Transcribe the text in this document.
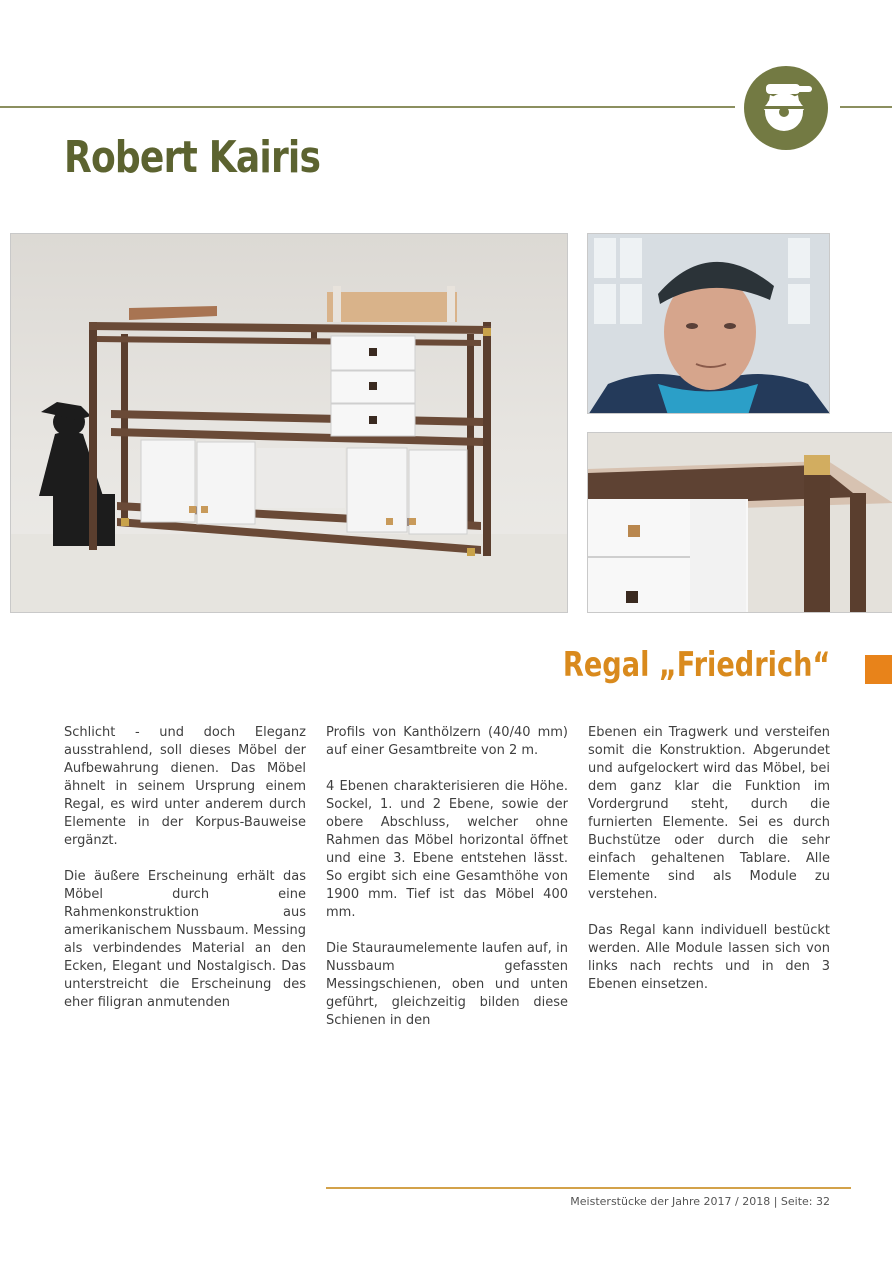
Robert Kairis
Regal „Friedrich“

Schlicht - und doch Eleganz ausstrahlend, soll dieses Möbel der Aufbewahrung dienen. Das Möbel ähnelt in seinem Ursprung einem Regal, es wird unter anderem durch Elemente in der Korpus-Bauweise ergänzt.

Die äußere Erscheinung erhält das Möbel durch eine Rahmenkonstruktion aus amerikanischem Nussbaum. Messing als verbindendes Material an den Ecken, Elegant und Nostalgisch. Das unterstreicht die Erscheinung des eher filigran anmutenden

Profils von Kanthölzern (40/40 mm) auf einer Gesamtbreite von 2 m.

4 Ebenen charakterisieren die Höhe. Sockel, 1. und 2 Ebene, sowie der obere Abschluss, welcher ohne Rahmen das Möbel horizontal öffnet und eine 3. Ebene entstehen lässt. So ergibt sich eine Gesamthöhe von 1900 mm. Tief ist das Möbel 400 mm.

Die Stauraumelemente laufen auf, in Nussbaum gefassten Messingschienen, oben und unten geführt, gleichzeitig bilden diese Schienen in den

Ebenen ein Tragwerk und versteifen somit die Konstruktion. Abgerundet und aufgelockert wird das Möbel, bei dem ganz klar die Funktion im Vordergrund steht, durch die furnierten Elemente. Sei es durch Buchstütze oder durch die sehr einfach gehaltenen Tablare. Alle Elemente sind als Module zu verstehen.

Das Regal kann individuell bestückt werden. Alle Module lassen sich von links nach rechts und in den 3 Ebenen einsetzen.

Meisterstücke der Jahre 2017 / 2018 | Seite: 32
